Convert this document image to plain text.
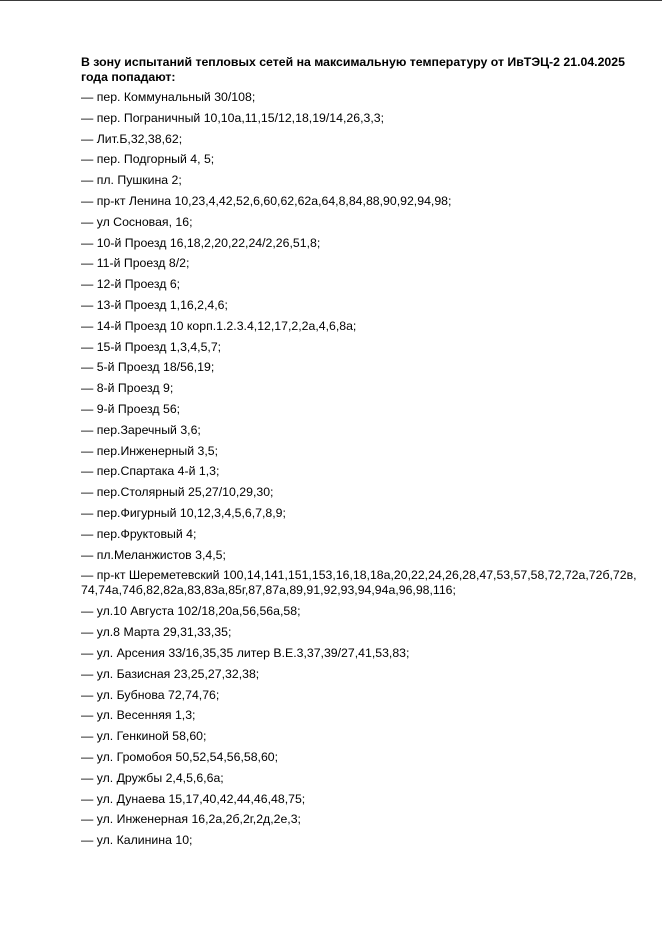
В зону испытаний тепловых сетей на максимальную температуру от ИвТЭЦ-2 21.04.2025 года попадают:

— пер. Коммунальный 30/108;

— пер. Пограничный 10,10а,11,15/12,18,19/14,26,3,3;

— Лит.Б,32,38,62;

— пер. Подгорный 4, 5;

— пл. Пушкина 2;

— пр-кт Ленина 10,23,4,42,52,6,60,62,62а,64,8,84,88,90,92,94,98;

— ул Сосновая, 16;

— 10-й Проезд 16,18,2,20,22,24/2,26,51,8;

— 11-й Проезд 8/2;

— 12-й Проезд 6;

— 13-й Проезд 1,16,2,4,6;

— 14-й Проезд 10 корп.1.2.3.4,12,17,2,2а,4,6,8а;

— 15-й Проезд 1,3,4,5,7;

— 5-й Проезд 18/56,19;

— 8-й Проезд 9;

— 9-й Проезд 56;

— пер.Заречный 3,6;

— пер.Инженерный 3,5;

— пер.Спартака 4-й 1,3;

— пер.Столярный 25,27/10,29,30;

— пер.Фигурный 10,12,3,4,5,6,7,8,9;

— пер.Фруктовый 4;

— пл.Меланжистов 3,4,5;

— пр-кт Шереметевский 100,14,141,151,153,16,18,18а,20,22,24,26,28,47,53,57,58,72,72а,72б,72в,74,74а,74б,82,82а,83,83а,85г,87,87а,89,91,92,93,94,94а,96,98,116;

— ул.10 Августа 102/18,20а,56,56а,58;

— ул.8 Марта 29,31,33,35;

— ул. Арсения 33/16,35,35 литер В.Е.3,37,39/27,41,53,83;

— ул. Базисная 23,25,27,32,38;

— ул. Бубнова 72,74,76;

— ул. Весенняя 1,3;

— ул. Генкиной 58,60;

— ул. Громобоя 50,52,54,56,58,60;

— ул. Дружбы 2,4,5,6,6а;

— ул. Дунаева 15,17,40,42,44,46,48,75;

— ул. Инженерная 16,2а,2б,2г,2д,2е,3;

— ул. Калинина 10;
